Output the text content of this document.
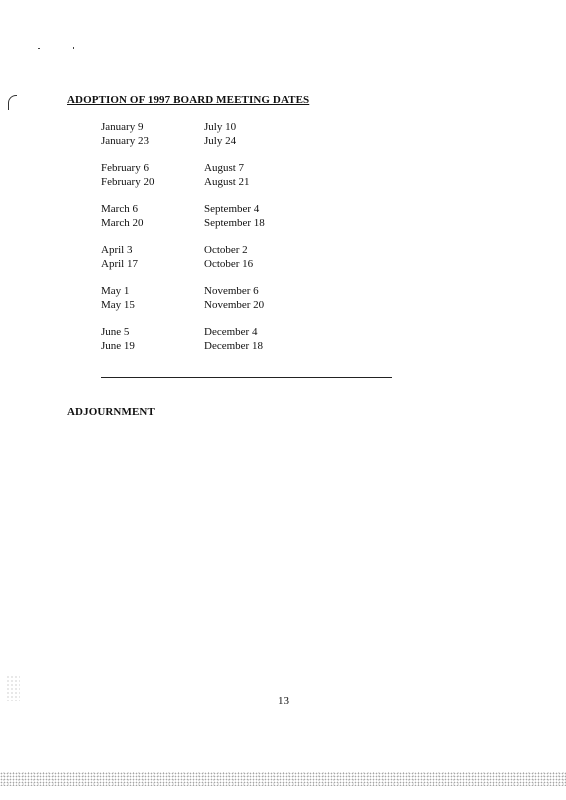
ADOPTION OF 1997 BOARD MEETING DATES
January 9
January 23
July 10
July 24
February 6
February 20
August 7
August 21
March 6
March 20
September 4
September 18
April 3
April 17
October 2
October 16
May 1
May 15
November 6
November 20
June 5
June 19
December 4
December 18
ADJOURNMENT
13
